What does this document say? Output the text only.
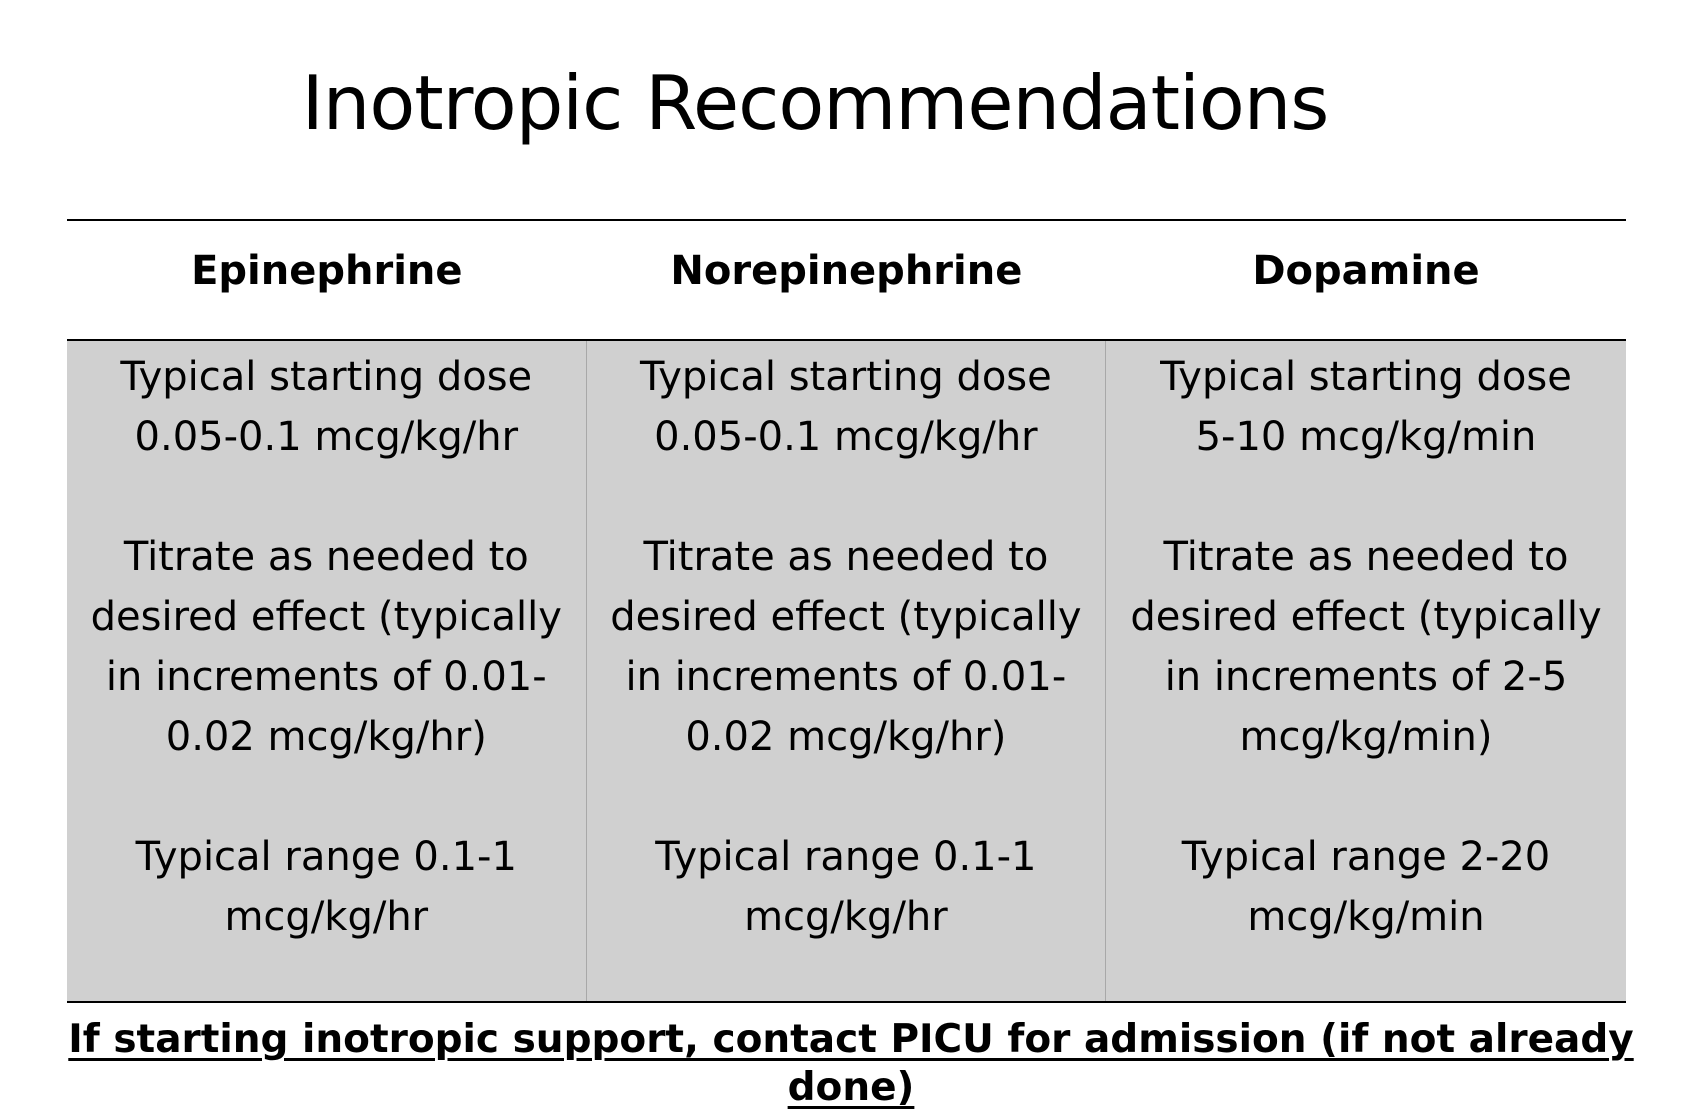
Inotropic Recommendations
Epinephrine	Norepinephrine	Dopamine

Typical starting dose

0.05-0.1 mcg/kg/hr

Titrate as needed to desired effect (typically in increments of 0.01-0.02 mcg/kg/hr)

Typical range 0.1-1 mcg/kg/hr

Typical starting dose

0.05-0.1 mcg/kg/hr

Titrate as needed to desired effect (typically in increments of 0.01-0.02 mcg/kg/hr)

Typical range 0.1-1 mcg/kg/hr

Typical starting dose

5-10 mcg/kg/min

Titrate as needed to desired effect (typically in increments of 2-5 mcg/kg/min)

Typical range 2-20 mcg/kg/min

If starting inotropic support, contact PICU for admission (if not already done)
